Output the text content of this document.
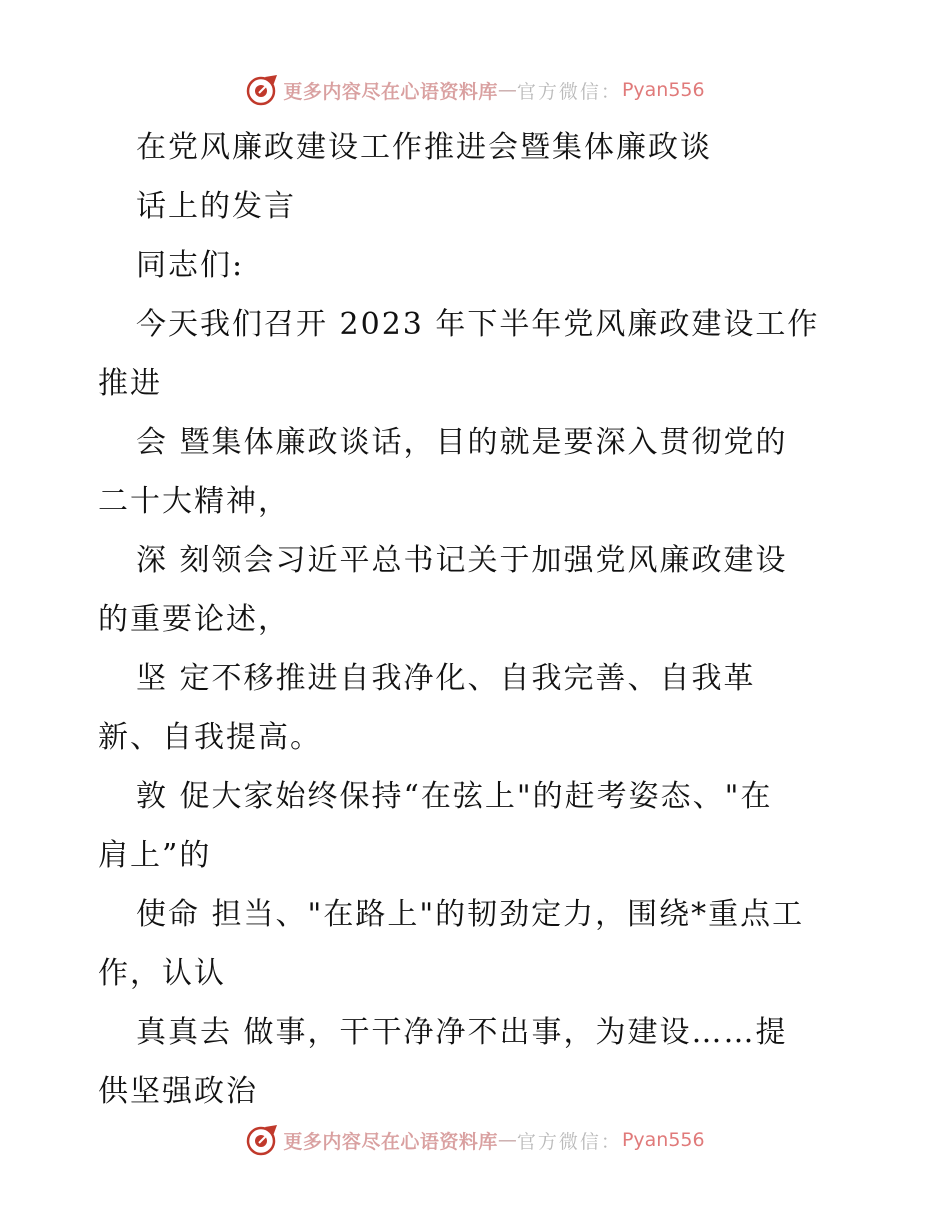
更多内容尽在心语资料库 — 官方微信： Pyan556
在党风廉政建设工作推进会暨集体廉政谈
话上的发言
同志们:
今天我们召开 2023 年下半年党风廉政建设工作
推进
会 暨集体廉政谈话，目的就是要深入贯彻党的
二十大精神，
深 刻领会习近平总书记关于加强党风廉政建设
的重要论述，
坚 定不移推进自我净化、自我完善、自我革
新、自我提高。
敦 促大家始终保持“在弦上"的赶考姿态、"在
肩上”的
使命 担当、"在路上"的韧劲定力，围绕*重点工
作，认认
真真去 做事，干干净净不出事，为建设……提
供坚强政治
更多内容尽在心语资料库 — 官方微信： Pyan556
